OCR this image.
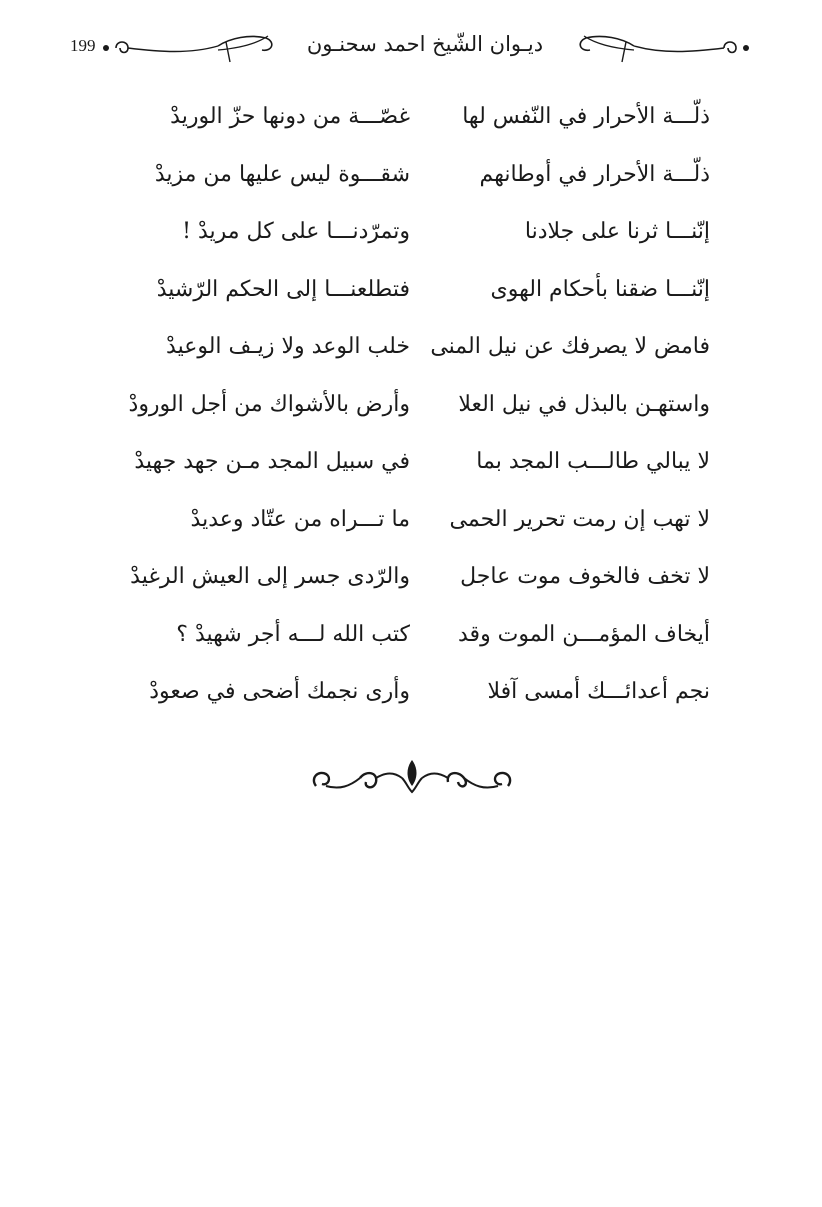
199	ديـوان الشّيخ احمد سحنـون
ذلّـــة الأحرار في النّفس لها
غصّـــة من دونها حزّ الوريدْ
ذلّـــة الأحرار في أوطانهم
شقـــوة ليس عليها من مزيدْ
إنّنـــا ثرنا على جلادنا
وتمرّدنـــا على كل مريدْ !
إنّنـــا ضقنا بأحكام الهوى
فتطلعنـــا إلى الحكم الرّشيدْ
فامض لا يصرفك عن نيل المنى
خلب الوعد ولا زيـف الوعيدْ
واستهـن بالبذل في نيل العلا
وأرض بالأشواك من أجل الورودْ
لا يبالي طالـــب المجد بما
في سبيل المجد مـن جهد جهيدْ
لا تهب إن رمت تحرير الحمى
ما تـــراه من عتّاد وعديدْ
لا تخف فالخوف موت عاجل
والرّدى جسر إلى العيش الرغيدْ
أيخاف المؤمـــن الموت وقد
كتب الله لـــه أجر شهيدْ ؟
نجم أعدائـــك أمسى آفلا
وأرى نجمك أضحى في صعودْ
